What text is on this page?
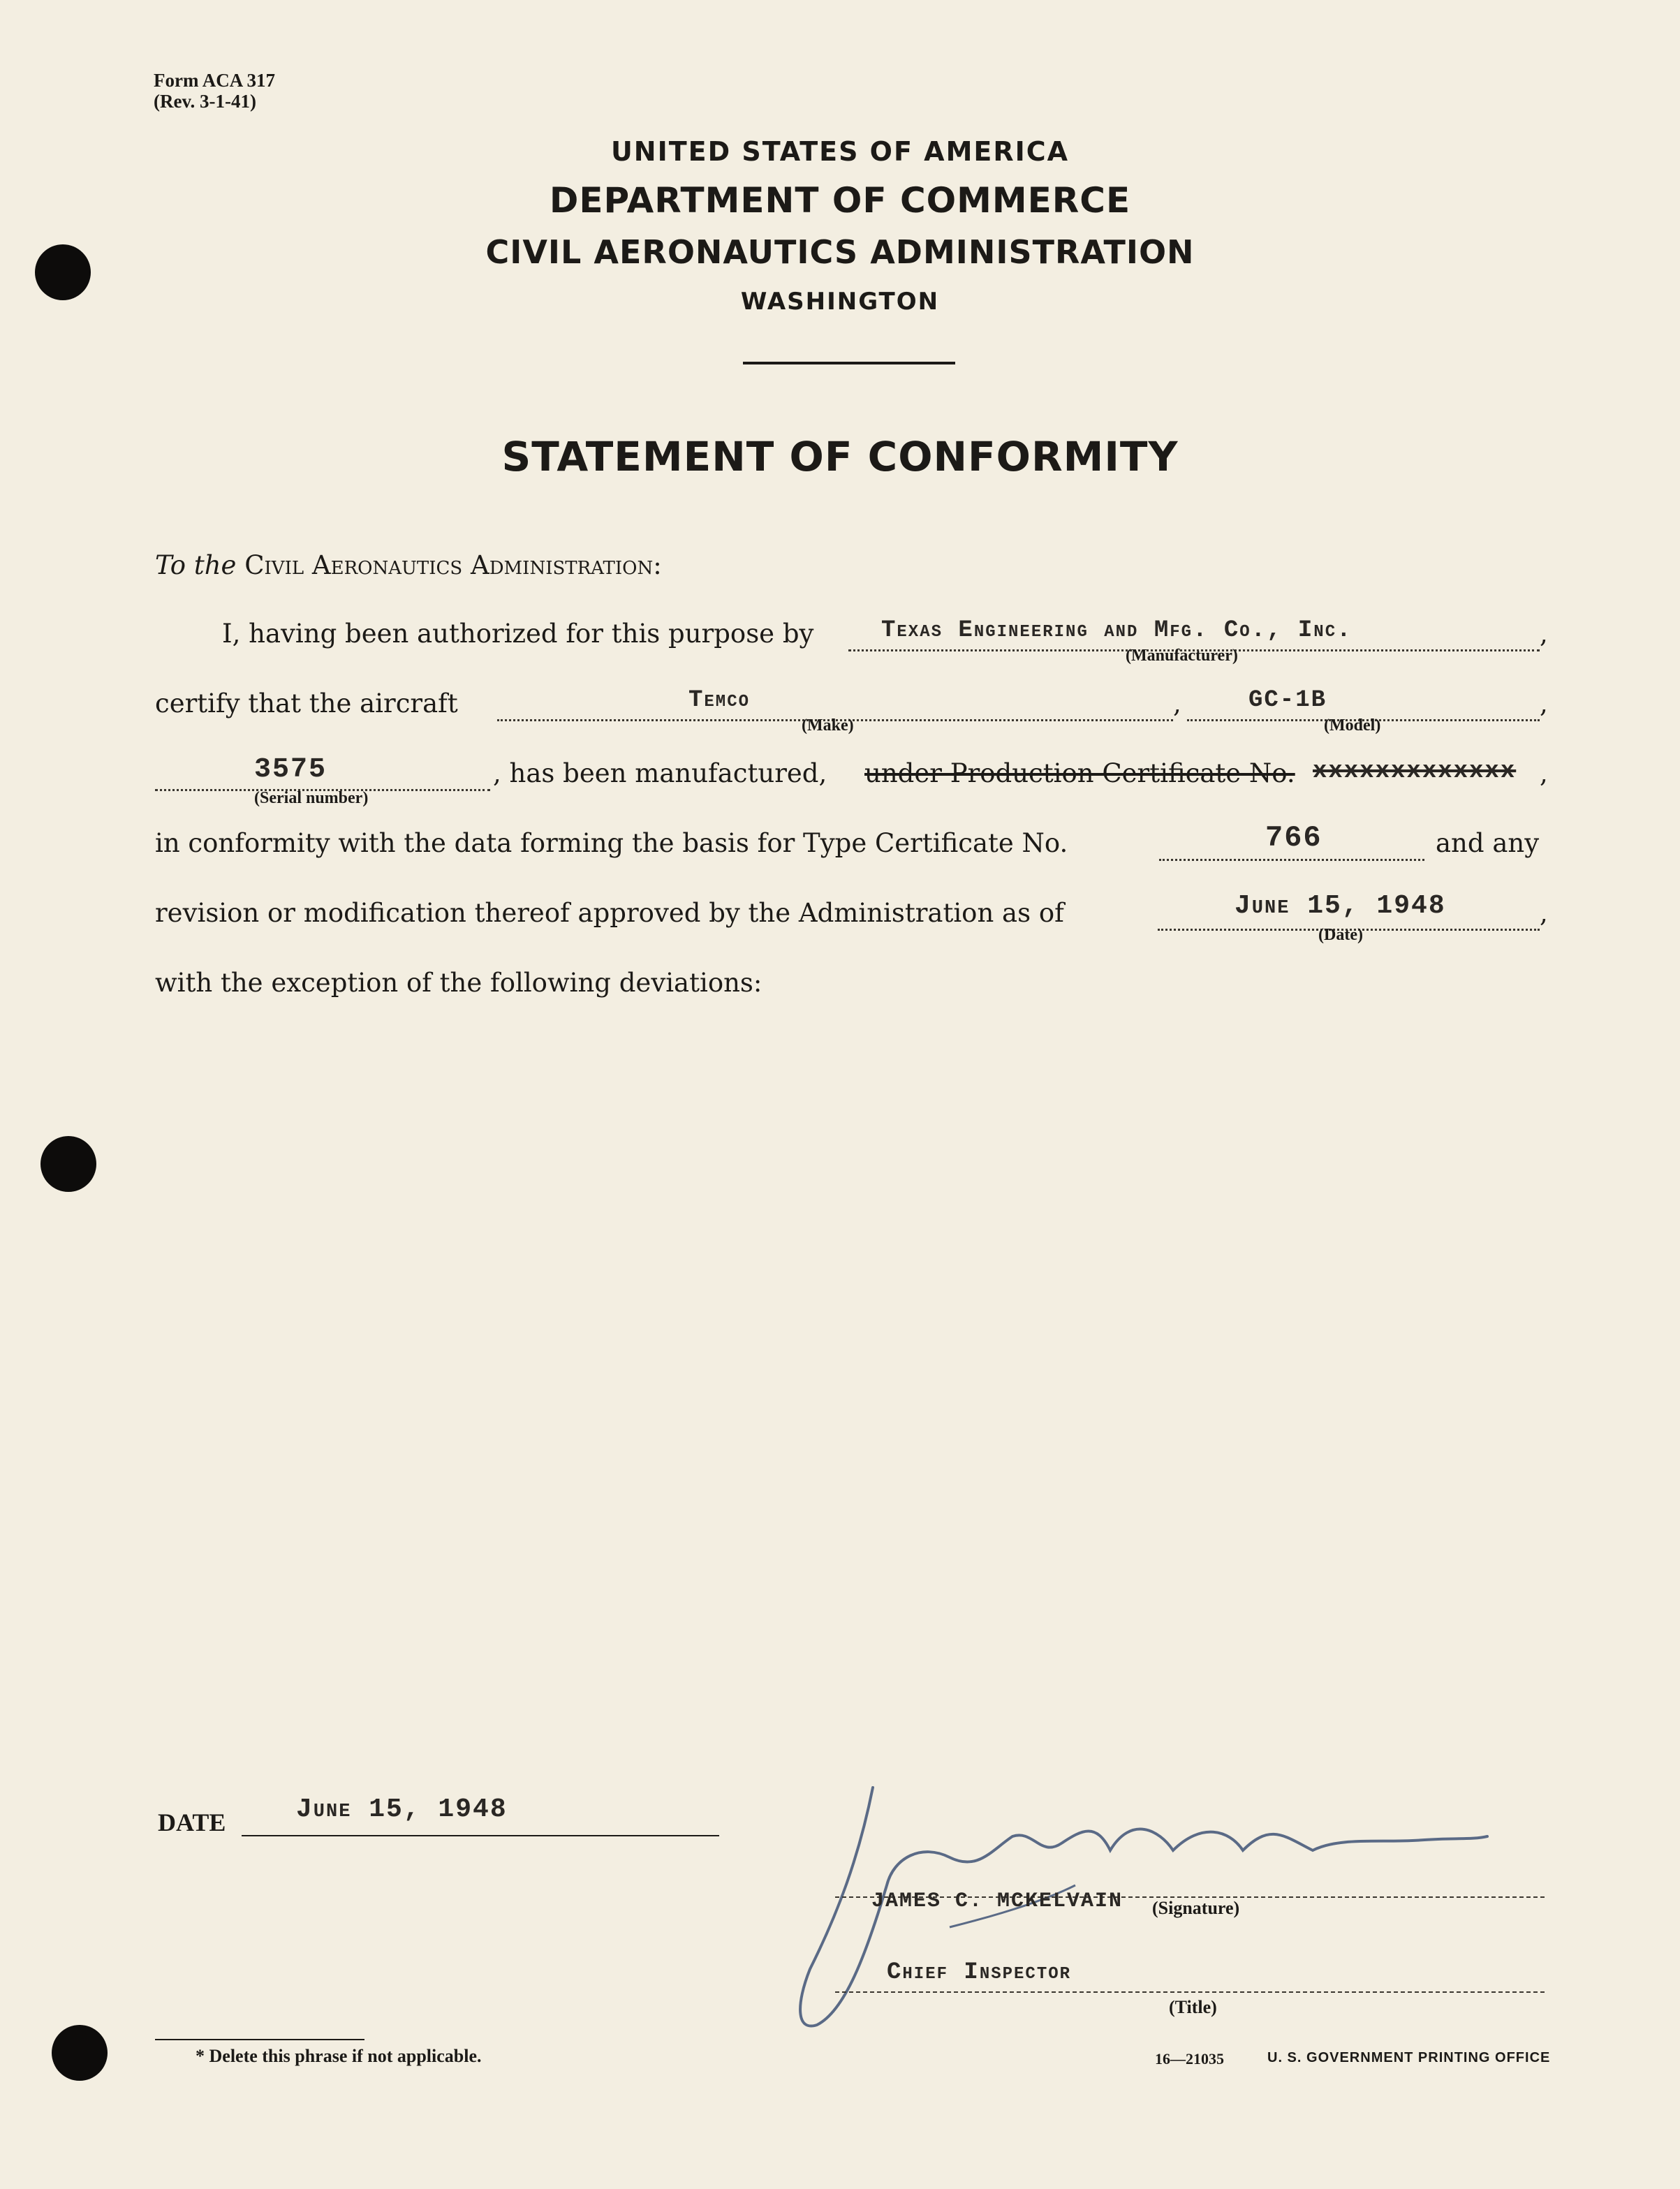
Form ACA 317
(Rev. 3-1-41)
UNITED STATES OF AMERICA
DEPARTMENT OF COMMERCE
CIVIL AERONAUTICS ADMINISTRATION
WASHINGTON
STATEMENT OF CONFORMITY
To the Civil Aeronautics Administration:
I, having been authorized for this purpose by	Texas Engineering and Mfg. Co., Inc.	,
(Manufacturer)
certify that the aircraft	Temco	,
(Make)
GC-1B	,
(Model)
3575
(Serial number)
, has been manufactured, under Production Certificate No. xxxxxxxxxxxxx ,
in conformity with the data forming the basis for Type Certificate No.	766	and any
revision or modification thereof approved by the Administration as of	June 15, 1948	,
(Date)
with the exception of the following deviations:
DATE	June 15, 1948
JAMES C. MCKELVAIN (Signature)
Chief Inspector
(Title)
* Delete this phrase if not applicable.	16—21035	U. S. GOVERNMENT PRINTING OFFICE
